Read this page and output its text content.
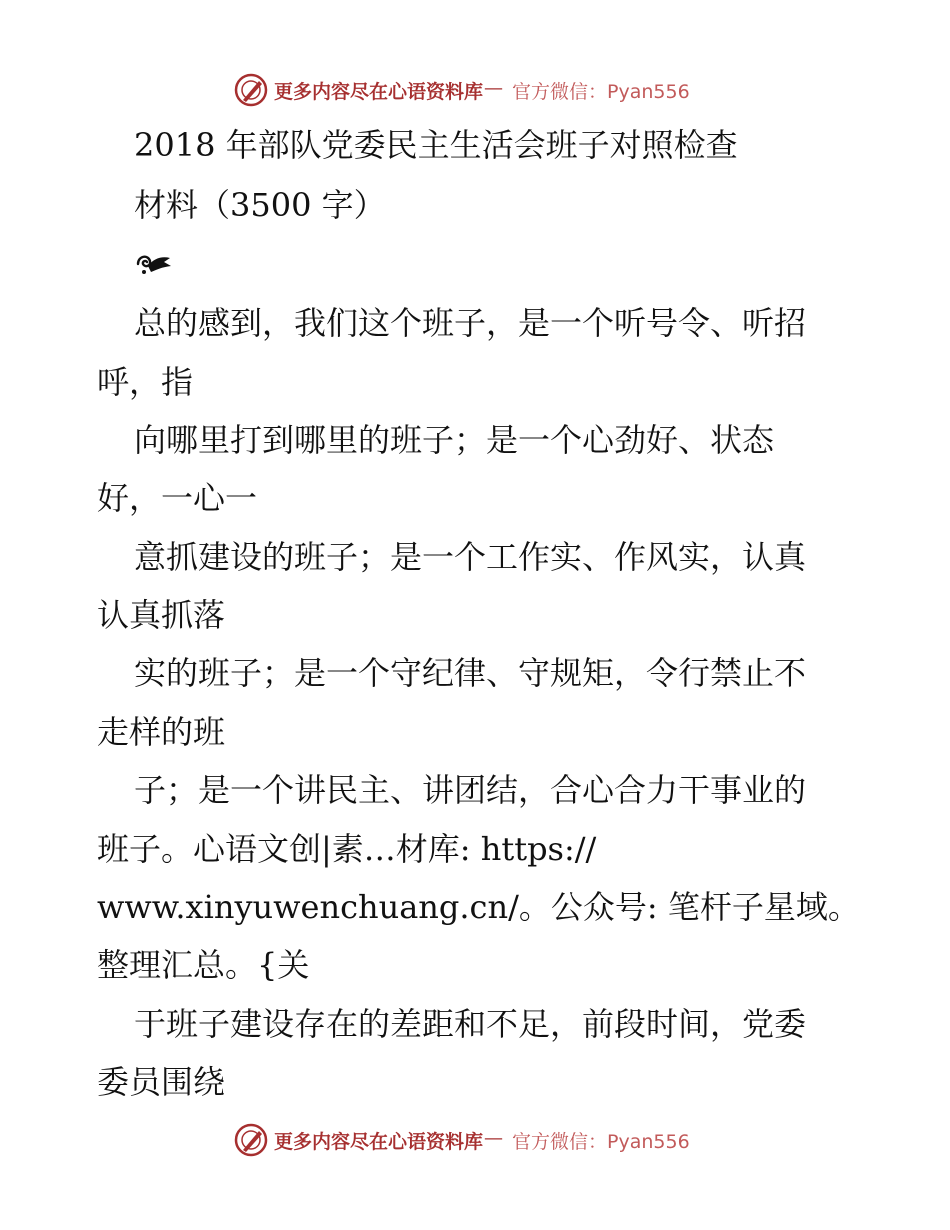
更多内容尽在心语资料库 — 官方微信：Pyan556
2018 年部队党委民主生活会班子对照检查
材料（3500 字）
总的感到，我们这个班子，是一个听号令、听招
呼，指
向哪里打到哪里的班子；是一个心劲好、状态
好，一心一
意抓建设的班子；是一个工作实、作风实，认真
认真抓落
实的班子；是一个守纪律、守规矩，令行禁止不
走样的班
子；是一个讲民主、讲团结，合心合力干事业的
班子。心语文创|素…材库: https://
www.xinyuwenchuang.cn/。公众号: 笔杆子星域。
整理汇总。{关
于班子建设存在的差距和不足，前段时间，党委
委员围绕
更多内容尽在心语资料库 — 官方微信：Pyan556
